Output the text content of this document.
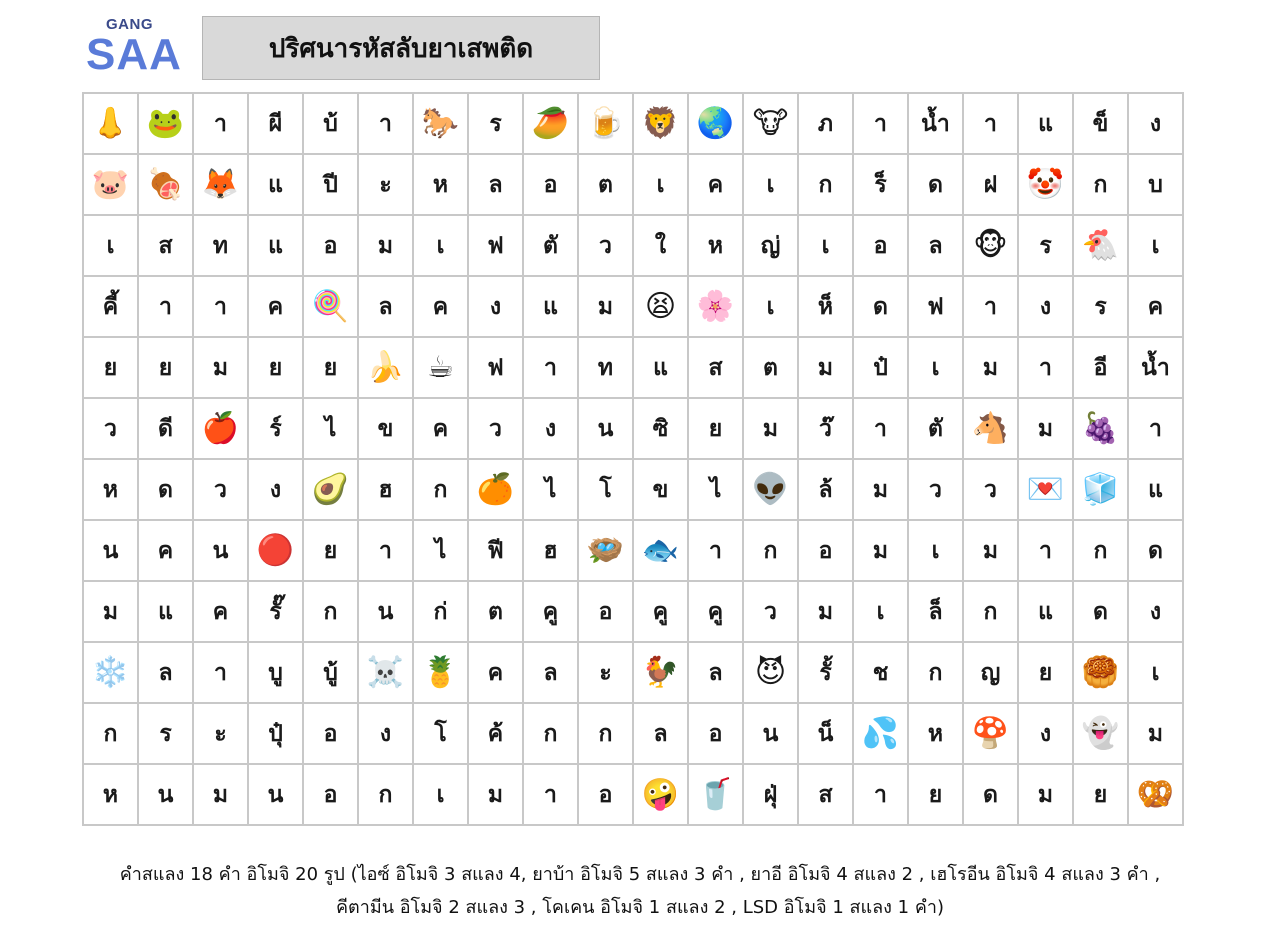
GANG
SAA	ปริศนารหัสลับยาเสพติด
👃	🐸	า	ผี	บ้	า	🐎	ร	🥭	🍺	🦁	🌏	🐮	ภ	า	น้ำ	า	แ	ข็	ง
🐷	🍖	🦊	แ	ปี	ะ	ห	ล	อ	ต	เ	ค	เ	ก	ร็	ด	ฝ	🤡	ก	บ
เ	ส	ท	แ	อ	ม	เ	ฟ	ตั	ว	ใ	ห	ญ่	เ	อ	ล	🐵	ร	🐔	เ
คี้	า	า	ค	🍭	ล	ค	ง	แ	ม	😫	🌸	เ	ห็	ด	ฟ	า	ง	ร	ค
ย	ย	ม	ย	ย	🍌	☕	ฟ	า	ท	แ	ส	ต	ม	ป๋	เ	ม	า	อี	น้ำ
ว	ดี	🍎	ร์	ไ	ข	ค	ว	ง	น	ซิ	ย	ม	ว๊	า	ตั	🐴	ม	🍇	า
ห	ด	ว	ง	🥑	ฮ	ก	🍊	ไ	โ	ข	ไ	👽	ล้	ม	ว	ว	💌	🧊	แ
น	ค	น	🔴	ย	า	ไ	ฟี	ฮ	🪺	🐟	า	ก	อ	ม	เ	ม	า	ก	ด
ม	แ	ค	รั๊	ก	น	ก่	ต	คู	อ	คู	คู	ว	ม	เ	ล็	ก	แ	ด	ง
❄️	ล	า	บู	บู้	☠️	🍍	ค	ล	ะ	🐓	ล	😈	รั้	ช	ก	ญ	ย	🥮	เ
ก	ร	ะ	ปุ๋	อ	ง	โ	ค้	ก	ก	ล	อ	น	น็	💦	ห	🍄	ง	👻	ม
ห	น	ม	น	อ	ก	เ	ม	า	อ	🤪	🥤	ฝุ่	ส	า	ย	ด	ม	ย	🥨
คำสแลง 18 คำ อิโมจิ 20 รูป (ไอซ์ อิโมจิ 3 สแลง 4, ยาบ้า อิโมจิ 5 สแลง 3 คำ , ยาอี อิโมจิ 4 สแลง 2 , เฮโรอีน อิโมจิ 4 สแลง 3 คำ ,
คีตามีน อิโมจิ 2 สแลง 3 , โคเคน อิโมจิ 1 สแลง 2 , LSD อิโมจิ 1 สแลง 1 คำ)
